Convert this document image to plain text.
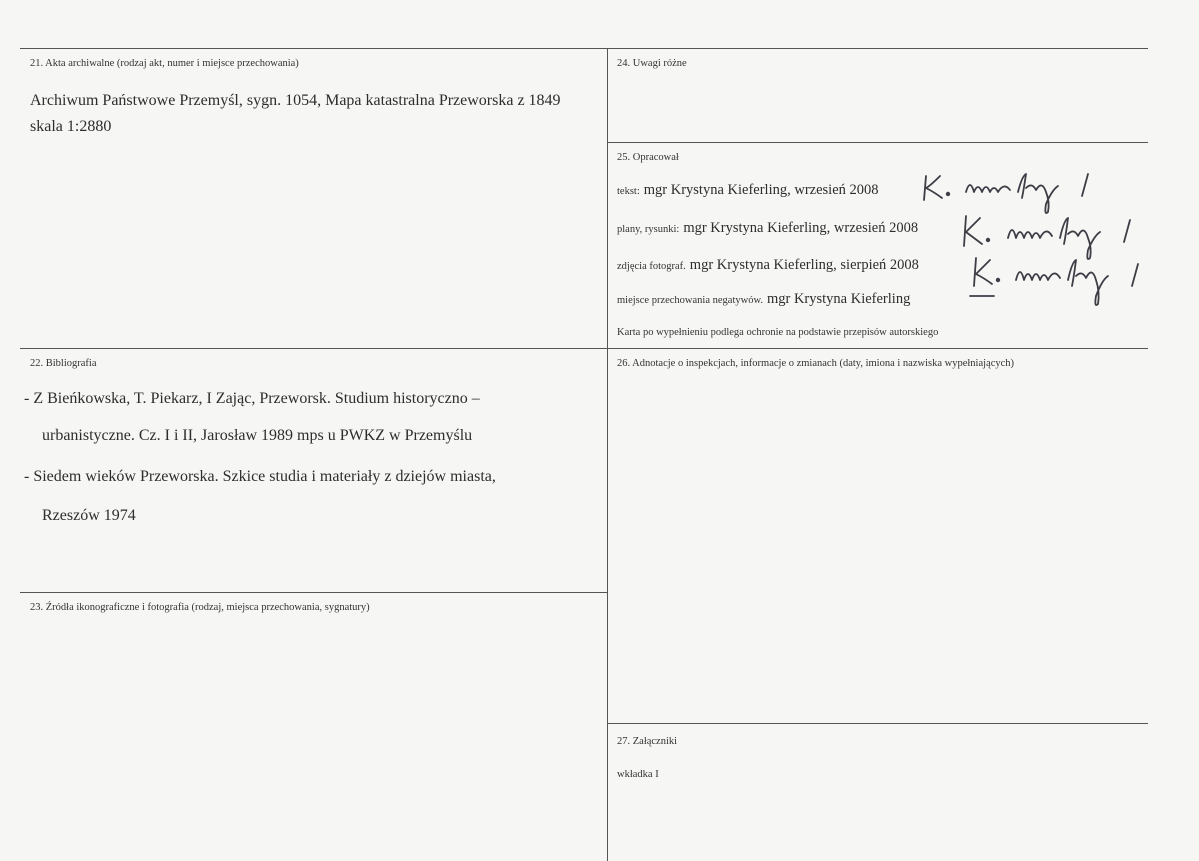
21. Akta archiwalne (rodzaj akt, numer i miejsce przechowania)
Archiwum Państwowe Przemyśl, sygn. 1054, Mapa katastralna Przeworska z 1849
skala 1:2880
24. Uwagi różne
25. Opracował
tekst: mgr Krystyna Kieferling, wrzesień 2008
plany, rysunki: mgr Krystyna Kieferling, wrzesień 2008
zdjęcia fotograf. mgr Krystyna Kieferling, sierpień 2008
miejsce przechowania negatywów. mgr Krystyna Kieferling
Karta po wypełnieniu podlega ochronie na podstawie przepisów autorskiego
22. Bibliografia
- Z Bieńkowska, T. Piekarz, I Zając, Przeworsk. Studium historyczno –
urbanistyczne. Cz. I i II, Jarosław 1989 mps u PWKZ w Przemyślu
- Siedem wieków Przeworska. Szkice studia i materiały z dziejów miasta,
Rzeszów 1974
23. Źródła ikonograficzne i fotografia (rodzaj, miejsca przechowania, sygnatury)
26. Adnotacje o inspekcjach, informacje o zmianach (daty, imiona i nazwiska wypełniających)
27. Załączniki
wkładka I
